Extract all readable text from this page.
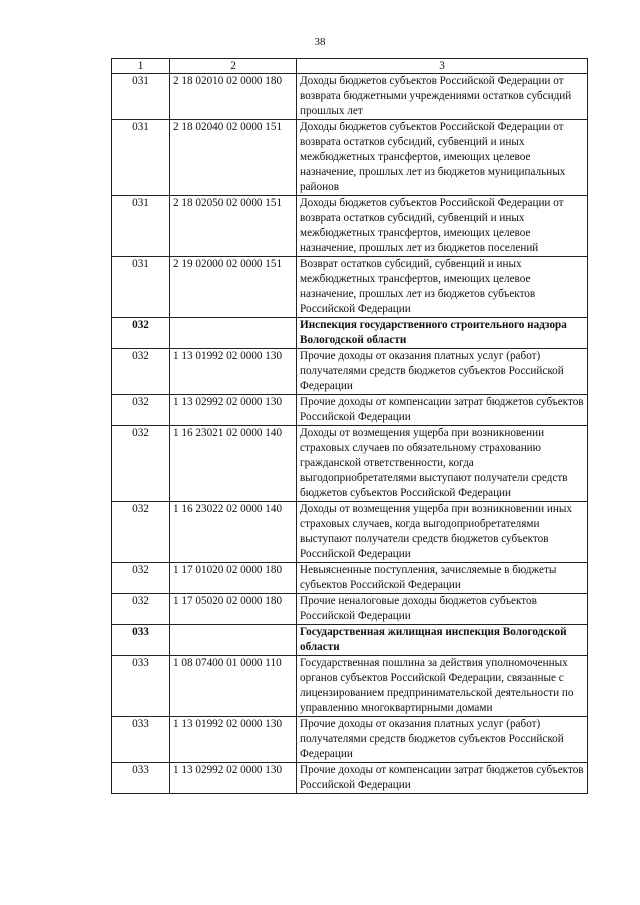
38
1	2	3
031	2 18 02010 02 0000 180	Доходы бюджетов субъектов Российской Федерации от возврата бюджетными учреждениями остатков субсидий прошлых лет
031	2 18 02040 02 0000 151	Доходы бюджетов субъектов Российской Федерации от возврата остатков субсидий, субвенций и иных межбюджетных трансфертов, имеющих целевое назначение, прошлых лет из бюджетов муниципальных районов
031	2 18 02050 02 0000 151	Доходы бюджетов субъектов Российской Федерации от возврата остатков субсидий, субвенций и иных межбюджетных трансфертов, имеющих целевое назначение, прошлых лет из бюджетов поселений
031	2 19 02000 02 0000 151	Возврат остатков субсидий, субвенций и иных межбюджетных трансфертов, имеющих целевое назначение, прошлых лет из бюджетов субъектов Российской Федерации
032		Инспекция государственного строительного надзора Вологодской области
032	1 13 01992 02 0000 130	Прочие доходы от оказания платных услуг (работ) получателями средств бюджетов субъектов Российской Федерации
032	1 13 02992 02 0000 130	Прочие доходы от компенсации затрат бюджетов субъектов Российской Федерации
032	1 16 23021 02 0000 140	Доходы от возмещения ущерба при возникновении страховых случаев по обязательному страхованию гражданской ответственности, когда выгодоприобретателями выступают получатели средств бюджетов субъектов Российской Федерации
032	1 16 23022 02 0000 140	Доходы от возмещения ущерба при возникновении иных страховых случаев, когда выгодоприобретателями выступают получатели средств бюджетов субъектов Российской Федерации
032	1 17 01020 02 0000 180	Невыясненные поступления, зачисляемые в бюджеты субъектов Российской Федерации
032	1 17 05020 02 0000 180	Прочие неналоговые доходы бюджетов субъектов Российской Федерации
033		Государственная жилищная инспекция Вологодской области
033	1 08 07400 01 0000 110	Государственная пошлина за действия уполномоченных органов субъектов Российской Федерации, связанные с лицензированием предпринимательской деятельности по управлению многоквартирными домами
033	1 13 01992 02 0000 130	Прочие доходы от оказания платных услуг (работ) получателями средств бюджетов субъектов Российской Федерации
033	1 13 02992 02 0000 130	Прочие доходы от компенсации затрат бюджетов субъектов Российской Федерации
